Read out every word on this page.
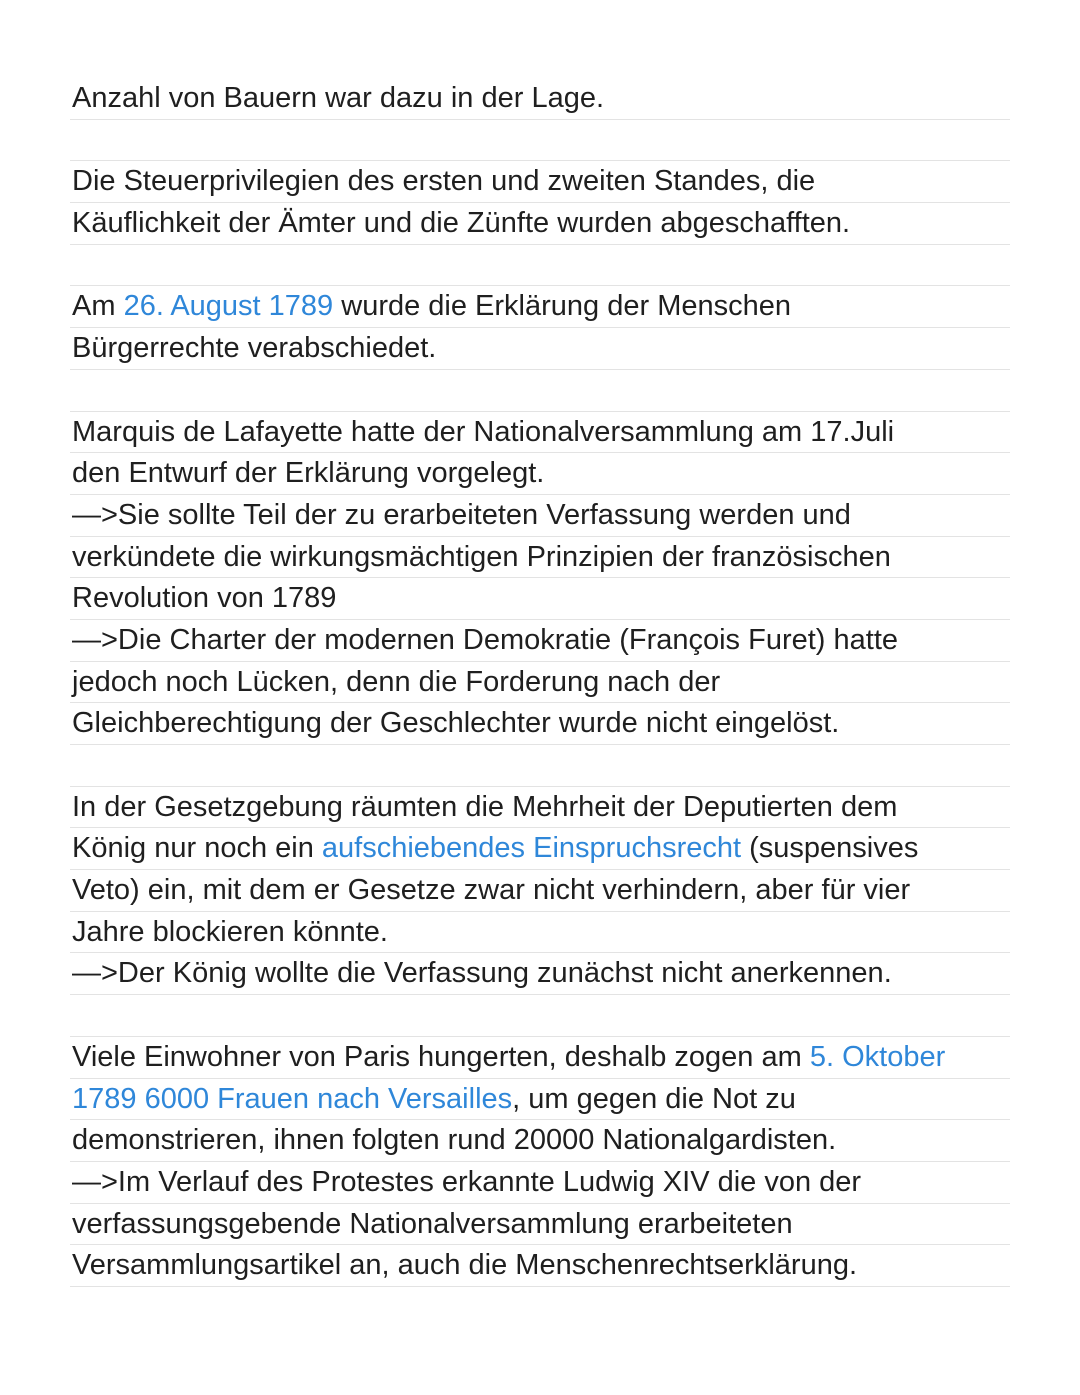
Anzahl von Bauern war dazu in der Lage.
Die Steuerprivilegien des ersten und zweiten Standes, die
Käuflichkeit der Ämter und die Zünfte wurden abgeschafften.
Am 26. August 1789 wurde die Erklärung der Menschen
Bürgerrechte verabschiedet.
Marquis de Lafayette hatte der Nationalversammlung am 17.Juli
den Entwurf der Erklärung vorgelegt.
—>Sie sollte Teil der zu erarbeiteten Verfassung werden und
verkündete die wirkungsmächtigen Prinzipien der französischen
Revolution von 1789
—>Die Charter der modernen Demokratie (François Furet) hatte
jedoch noch Lücken, denn die Forderung nach der
Gleichberechtigung der Geschlechter wurde nicht eingelöst.
In der Gesetzgebung räumten die Mehrheit der Deputierten dem
König nur noch ein aufschiebendes Einspruchsrecht (suspensives
Veto) ein, mit dem er Gesetze zwar nicht verhindern, aber für vier
Jahre blockieren könnte.
—>Der König wollte die Verfassung zunächst nicht anerkennen.
Viele Einwohner von Paris hungerten, deshalb zogen am 5. Oktober
1789 6000 Frauen nach Versailles, um gegen die Not zu
demonstrieren, ihnen folgten rund 20000 Nationalgardisten.
—>Im Verlauf des Protestes erkannte Ludwig XIV die von der
verfassungsgebende Nationalversammlung erarbeiteten
Versammlungsartikel an, auch die Menschenrechtserklärung.
